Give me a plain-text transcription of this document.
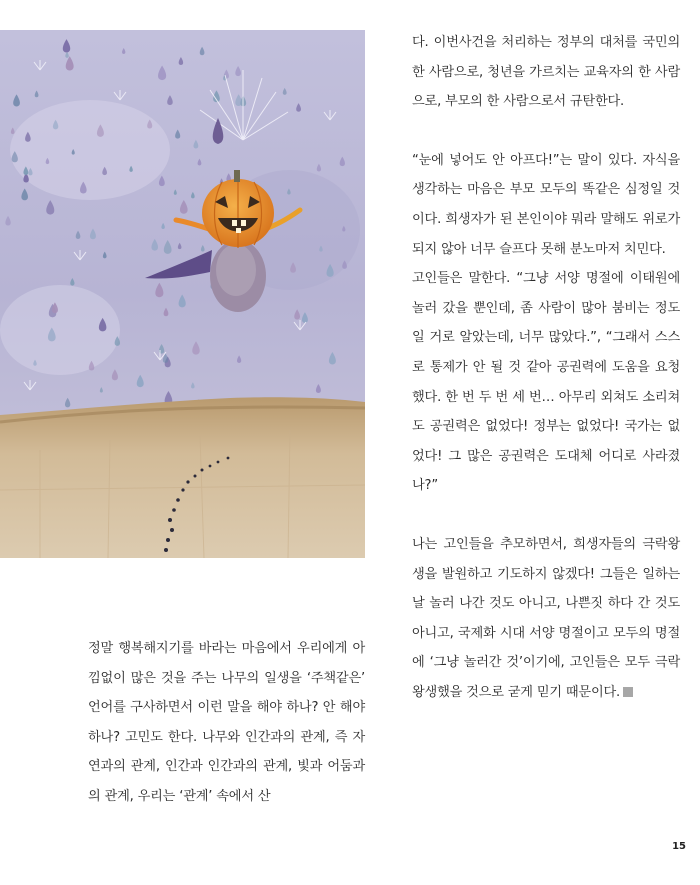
다. 이번사건을 처리하는 정부의 대처를 국민의 한 사람으로, 청년을 가르치는 교육자의 한 사람으로, 부모의 한 사람으로서 규탄한다.

“눈에 넣어도 안 아프다!”는 말이 있다. 자식을 생각하는 마음은 부모 모두의 똑같은 심정일 것이다. 희생자가 된 본인이야 뭐라 말해도 위로가 되지 않아 너무 슬프다 못해 분노마저 치민다.

고인들은 말한다. “그냥 서양 명절에 이태원에 놀러 갔을 뿐인데, 좀 사람이 많아 붐비는 정도일 거로 알았는데, 너무 많았다.”, “그래서 스스로 통제가 안 될 것 같아 공권력에 도움을 요청했다. 한 번 두 번 세 번… 아무리 외쳐도 소리쳐도 공권력은 없었다! 정부는 없었다! 국가는 없었다! 그 많은 공권력은 도대체 어디로 사라졌나?”

나는 고인들을 추모하면서, 희생자들의 극락왕생을 발원하고 기도하지 않겠다! 그들은 일하는 날 놀러 나간 것도 아니고, 나쁜짓 하다 간 것도 아니고, 국제화 시대 서양 명절이고 모두의 명절에 ‘그냥 놀러간 것’이기에, 고인들은 모두 극락왕생했을 것으로 굳게 믿기 때문이다.

정말 행복해지기를 바라는 마음에서 우리에게 아낌없이 많은 것을 주는 나무의 일생을 ‘주책같은’ 언어를 구사하면서 이런 말을 해야 하나? 안 해야 하나? 고민도 한다. 나무와 인간과의 관계, 즉 자연과의 관계, 인간과 인간과의 관계, 빛과 어둠과의 관계, 우리는 ‘관계’ 속에서 산

15
